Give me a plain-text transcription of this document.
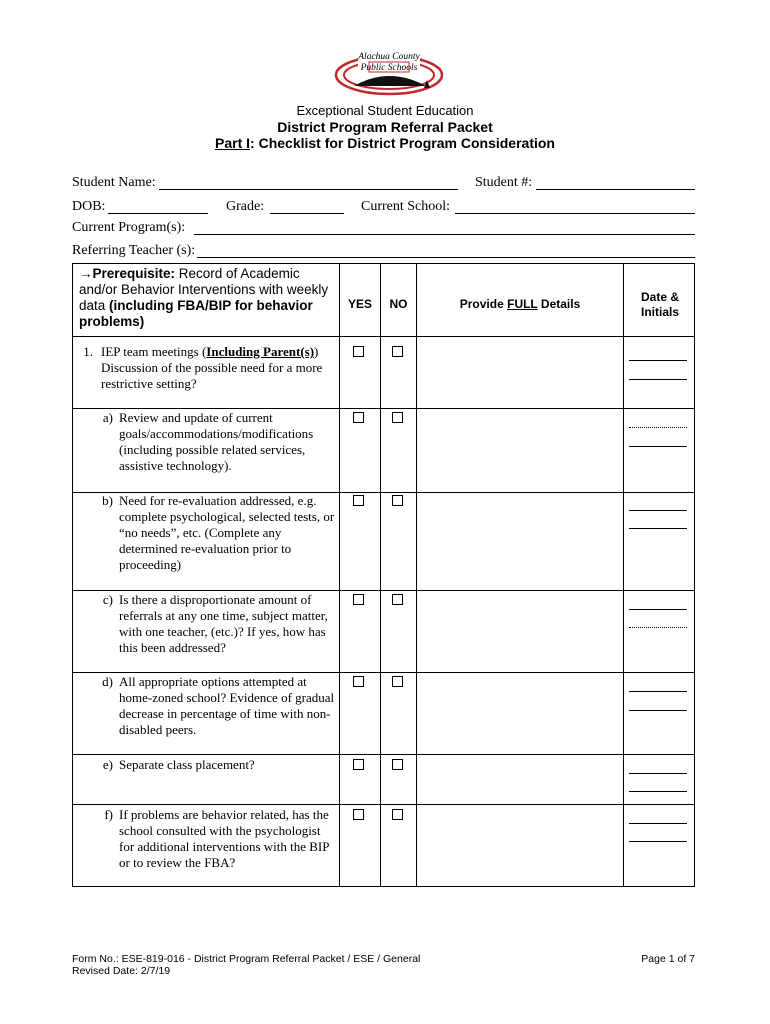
Alachua County
Public Schools
Exceptional Student Education
District Program Referral Packet
Part I: Checklist for District Program Consideration
Student Name:	Student #:
DOB:	Grade:	Current School:
Current Program(s):
Referring Teacher (s):
→Prerequisite: Record of Academic and/or Behavior Interventions with weekly data (including FBA/BIP for behavior problems)
YES	NO	Provide FULL Details	Date & Initials
1. IEP team meetings (Including Parent(s)) Discussion of the possible need for a more restrictive setting?
a) Review and update of current goals/accommodations/modifications (including possible related services, assistive technology).
b) Need for re-evaluation addressed, e.g. complete psychological, selected tests, or “no needs”, etc. (Complete any determined re-evaluation prior to proceeding)
c) Is there a disproportionate amount of referrals at any one time, subject matter, with one teacher, (etc.)? If yes, how has this been addressed?
d) All appropriate options attempted at home-zoned school? Evidence of gradual decrease in percentage of time with non-disabled peers.
e) Separate class placement?
f) If problems are behavior related, has the school consulted with the psychologist for additional interventions with the BIP or to review the FBA?
Form No.: ESE-819-016 - District Program Referral Packet / ESE / General
Revised Date: 2/7/19
Page 1 of 7
